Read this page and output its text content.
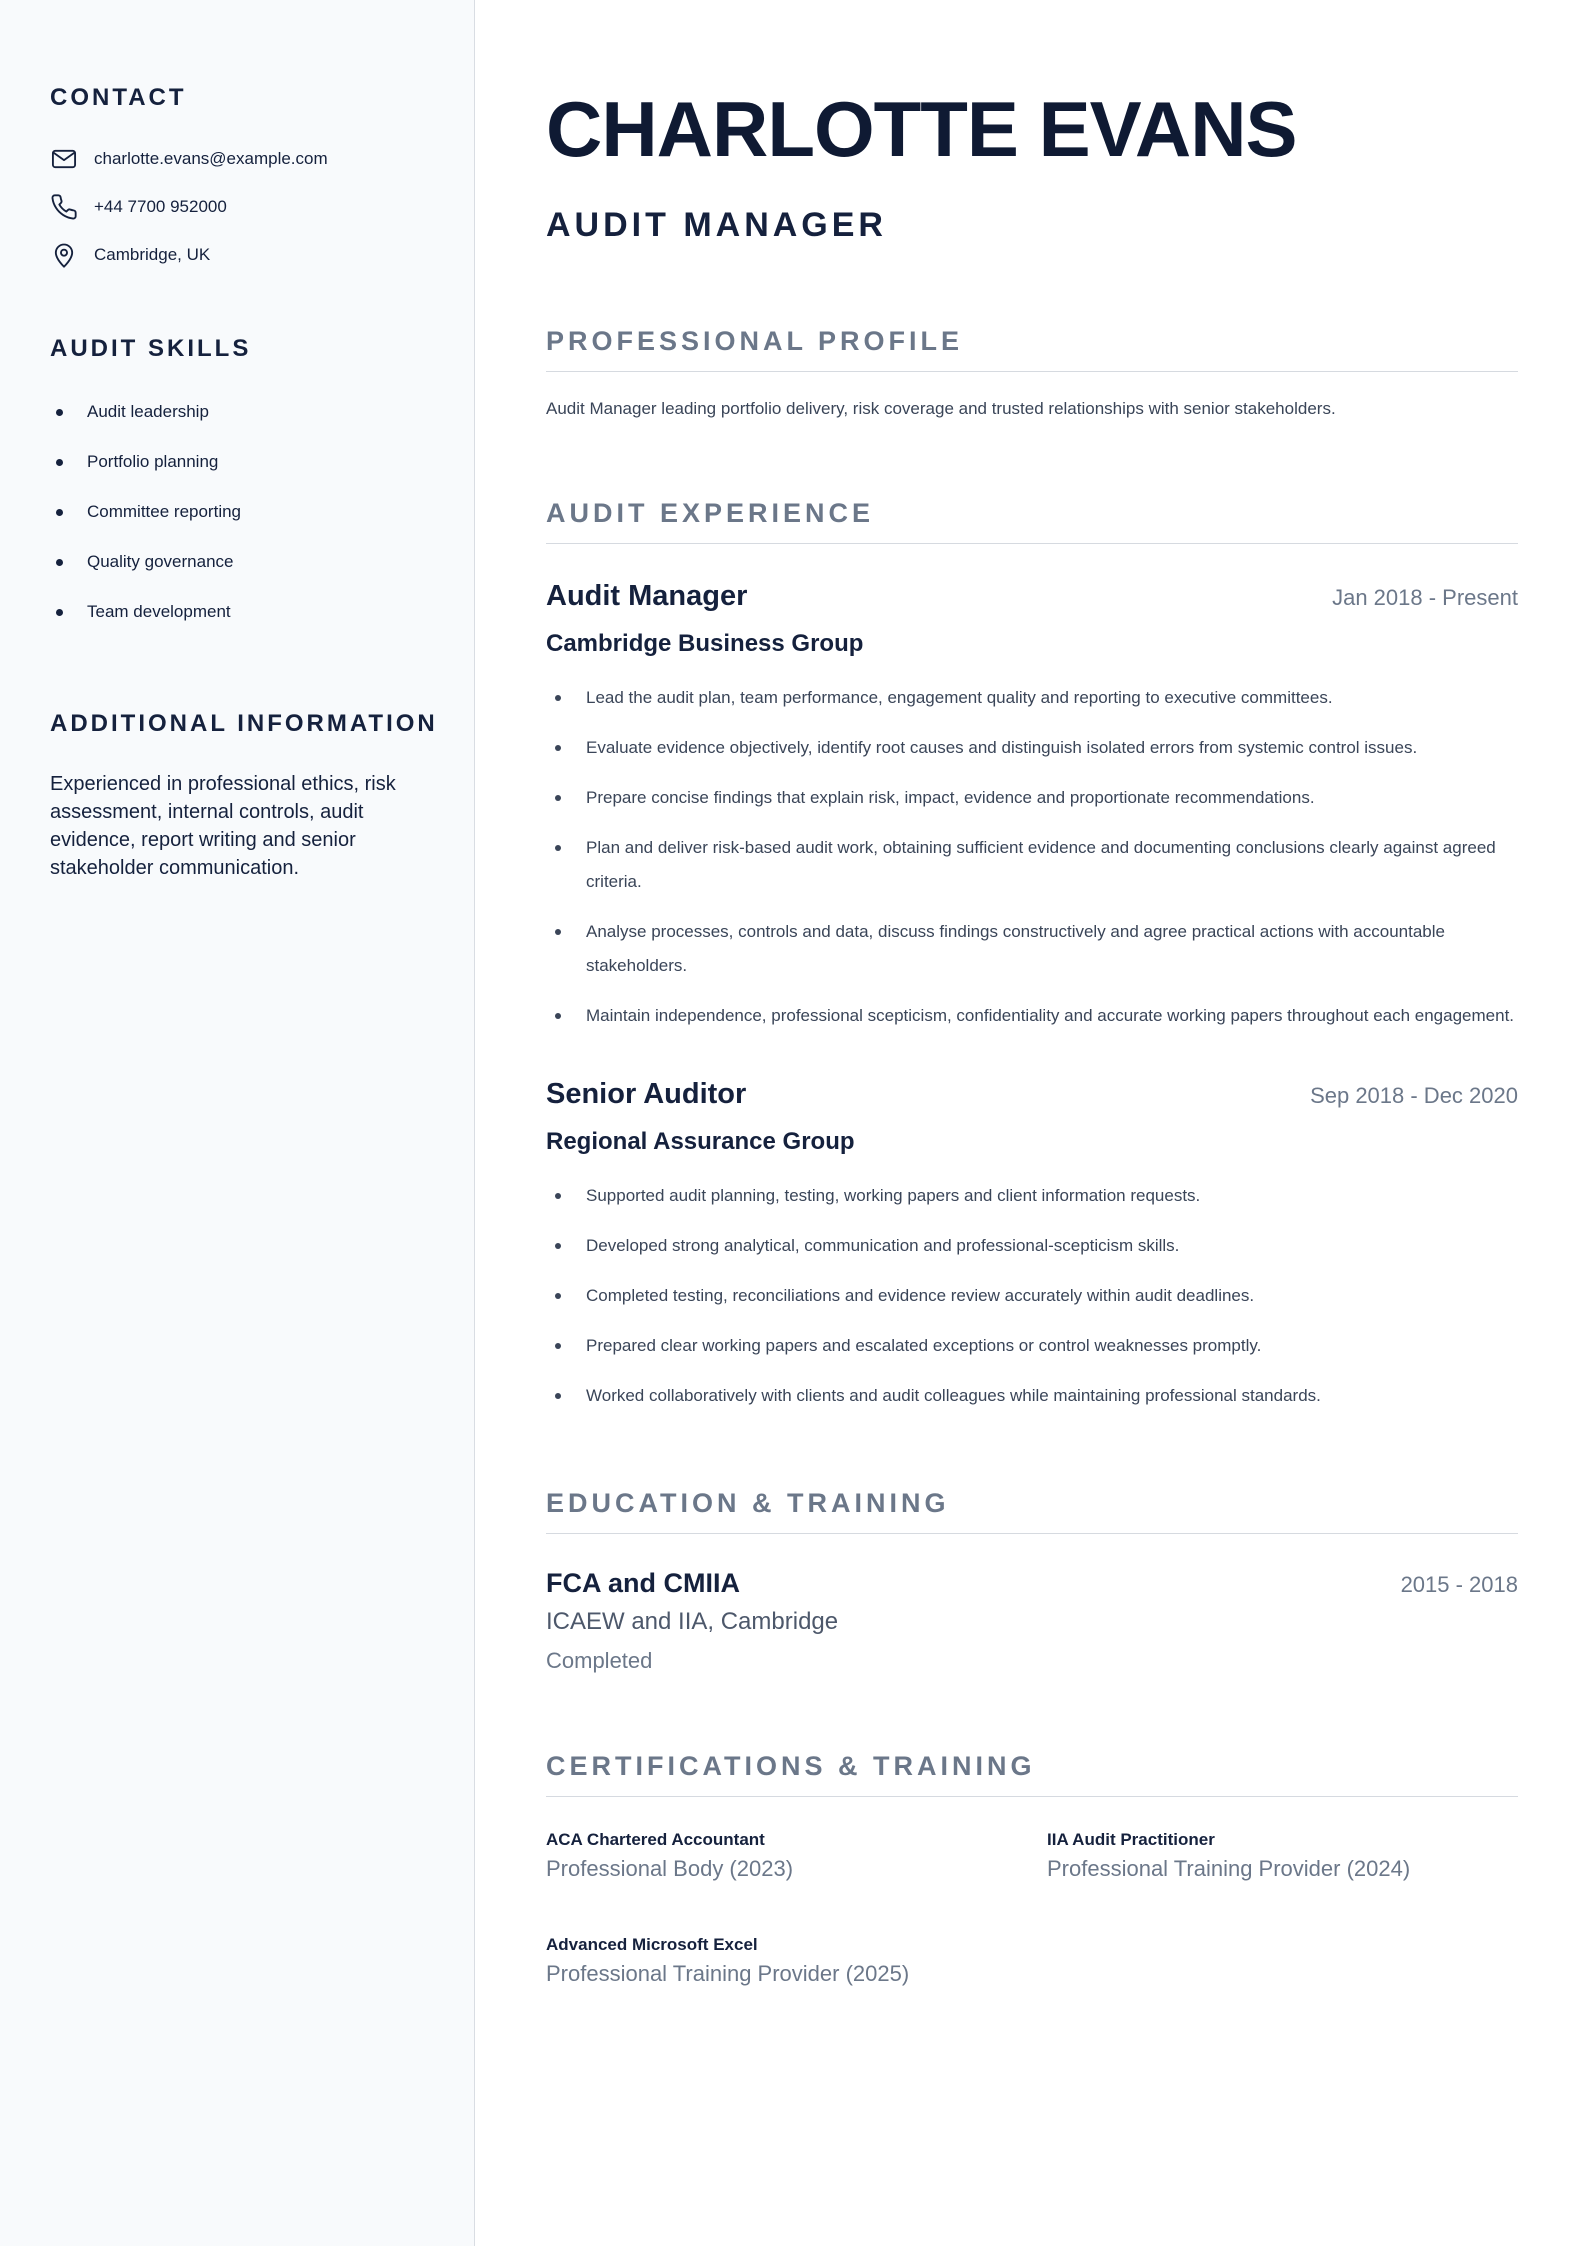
CONTACT
charlotte.evans@example.com
+44 7700 952000
Cambridge, UK
AUDIT SKILLS
Audit leadership
Portfolio planning
Committee reporting
Quality governance
Team development
ADDITIONAL INFORMATION

Experienced in professional ethics, risk assessment, internal controls, audit evidence, report writing and senior stakeholder communication.

CHARLOTTE EVANS
AUDIT MANAGER
PROFESSIONAL PROFILE

Audit Manager leading portfolio delivery, risk coverage and trusted relationships with senior stakeholders.

AUDIT EXPERIENCE
Audit Manager	Jan 2018 - Present
Cambridge Business Group
Lead the audit plan, team performance, engagement quality and reporting to executive committees.
Evaluate evidence objectively, identify root causes and distinguish isolated errors from systemic control issues.
Prepare concise findings that explain risk, impact, evidence and proportionate recommendations.
Plan and deliver risk-based audit work, obtaining sufficient evidence and documenting conclusions clearly against agreed criteria.
Analyse processes, controls and data, discuss findings constructively and agree practical actions with accountable stakeholders.
Maintain independence, professional scepticism, confidentiality and accurate working papers throughout each engagement.
Senior Auditor	Sep 2018 - Dec 2020
Regional Assurance Group
Supported audit planning, testing, working papers and client information requests.
Developed strong analytical, communication and professional-scepticism skills.
Completed testing, reconciliations and evidence review accurately within audit deadlines.
Prepared clear working papers and escalated exceptions or control weaknesses promptly.
Worked collaboratively with clients and audit colleagues while maintaining professional standards.
EDUCATION & TRAINING
FCA and CMIIA	2015 - 2018
ICAEW and IIA, Cambridge
Completed
CERTIFICATIONS & TRAINING
ACA Chartered Accountant
Professional Body (2023)
IIA Audit Practitioner
Professional Training Provider (2024)
Advanced Microsoft Excel
Professional Training Provider (2025)
